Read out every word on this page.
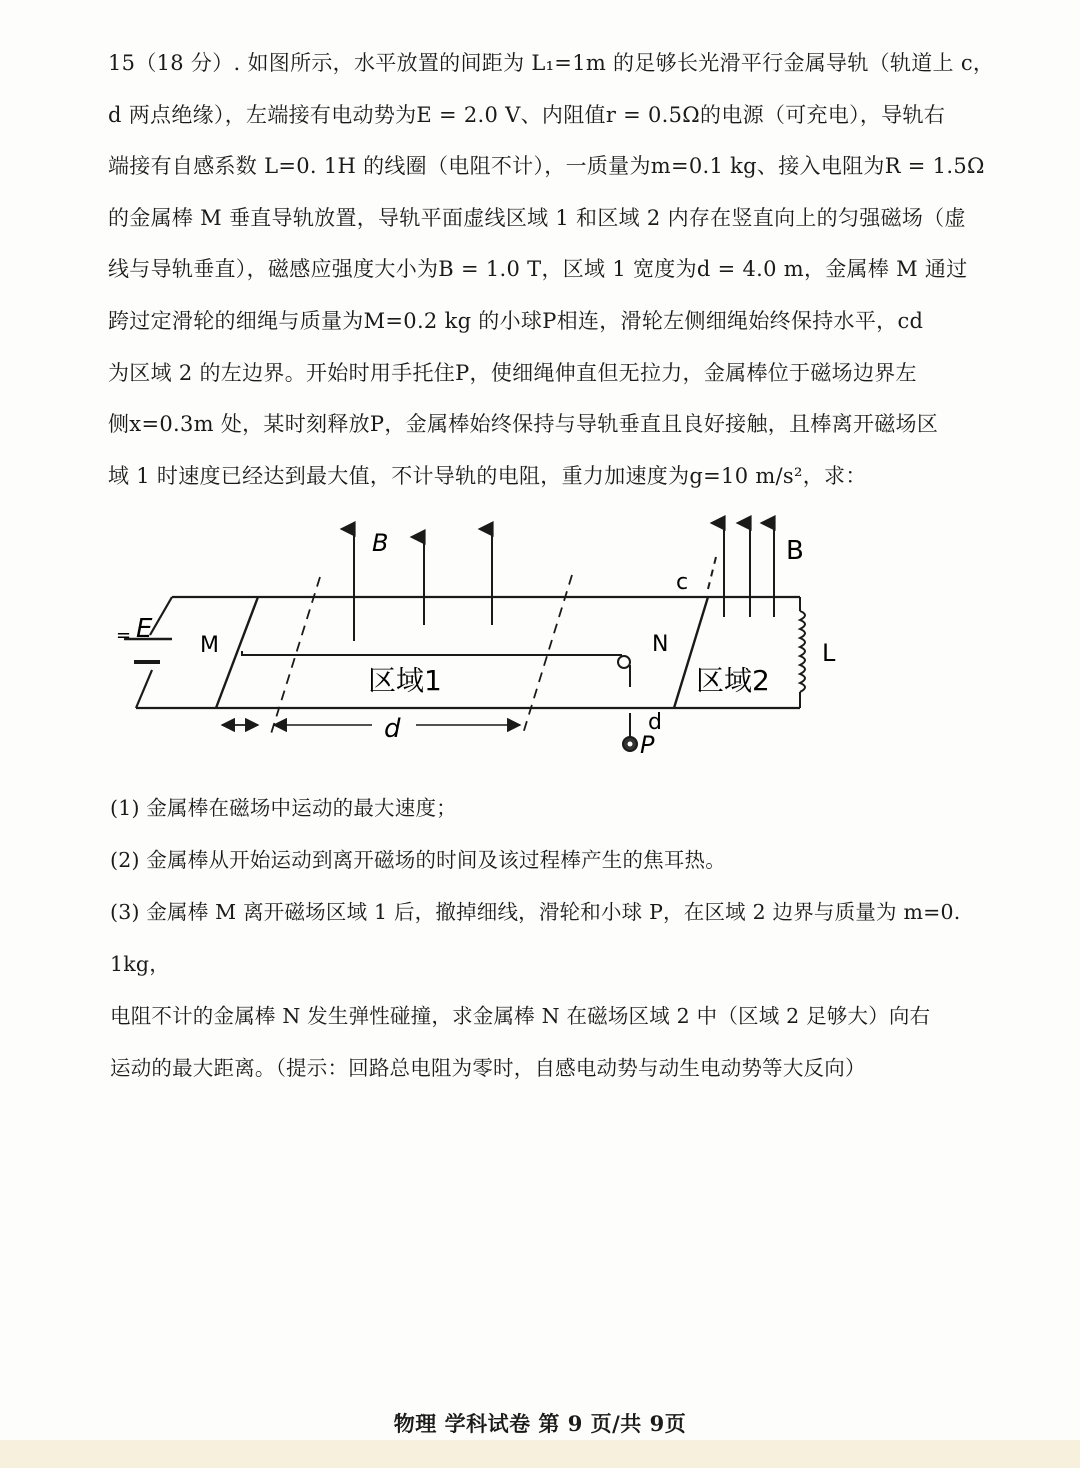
15（18 分）. 如图所示，水平放置的间距为 L₁=1m 的足够长光滑平行金属导轨（轨道上 c，

d 两点绝缘），左端接有电动势为E = 2.0 V、内阻值r = 0.5Ω的电源（可充电），导轨右

端接有自感系数 L=0. 1H 的线圈（电阻不计），一质量为m=0.1 kg、接入电阻为R = 1.5Ω

的金属棒 M 垂直导轨放置，导轨平面虚线区域 1 和区域 2 内存在竖直向上的匀强磁场（虚

线与导轨垂直），磁感应强度大小为B = 1.0 T，区域 1 宽度为d = 4.0 m，金属棒 M 通过

跨过定滑轮的细绳与质量为M=0.2 kg 的小球P相连，滑轮左侧细绳始终保持水平，cd

为区域 2 的左边界。开始时用手托住P，使细绳伸直但无拉力，金属棒位于磁场边界左

侧x=0.3m 处，某时刻释放P，金属棒始终保持与导轨垂直且良好接触，且棒离开磁场区

域 1 时速度已经达到最大值，不计导轨的电阻，重力加速度为g=10 m/s²，求：

E
=	M
P
B
区域1
N
c
d
B
区域2
L
d

(1) 金属棒在磁场中运动的最大速度；

(2) 金属棒从开始运动到离开磁场的时间及该过程棒产生的焦耳热。

(3) 金属棒 M 离开磁场区域 1 后，撤掉细线，滑轮和小球 P，在区域 2 边界与质量为 m=0. 1kg，

电阻不计的金属棒 N 发生弹性碰撞，求金属棒 N 在磁场区域 2 中（区域 2 足够大）向右

运动的最大距离。（提示：回路总电阻为零时，自感电动势与动生电动势等大反向）

物理 学科试卷 第 9 页/共 9页
